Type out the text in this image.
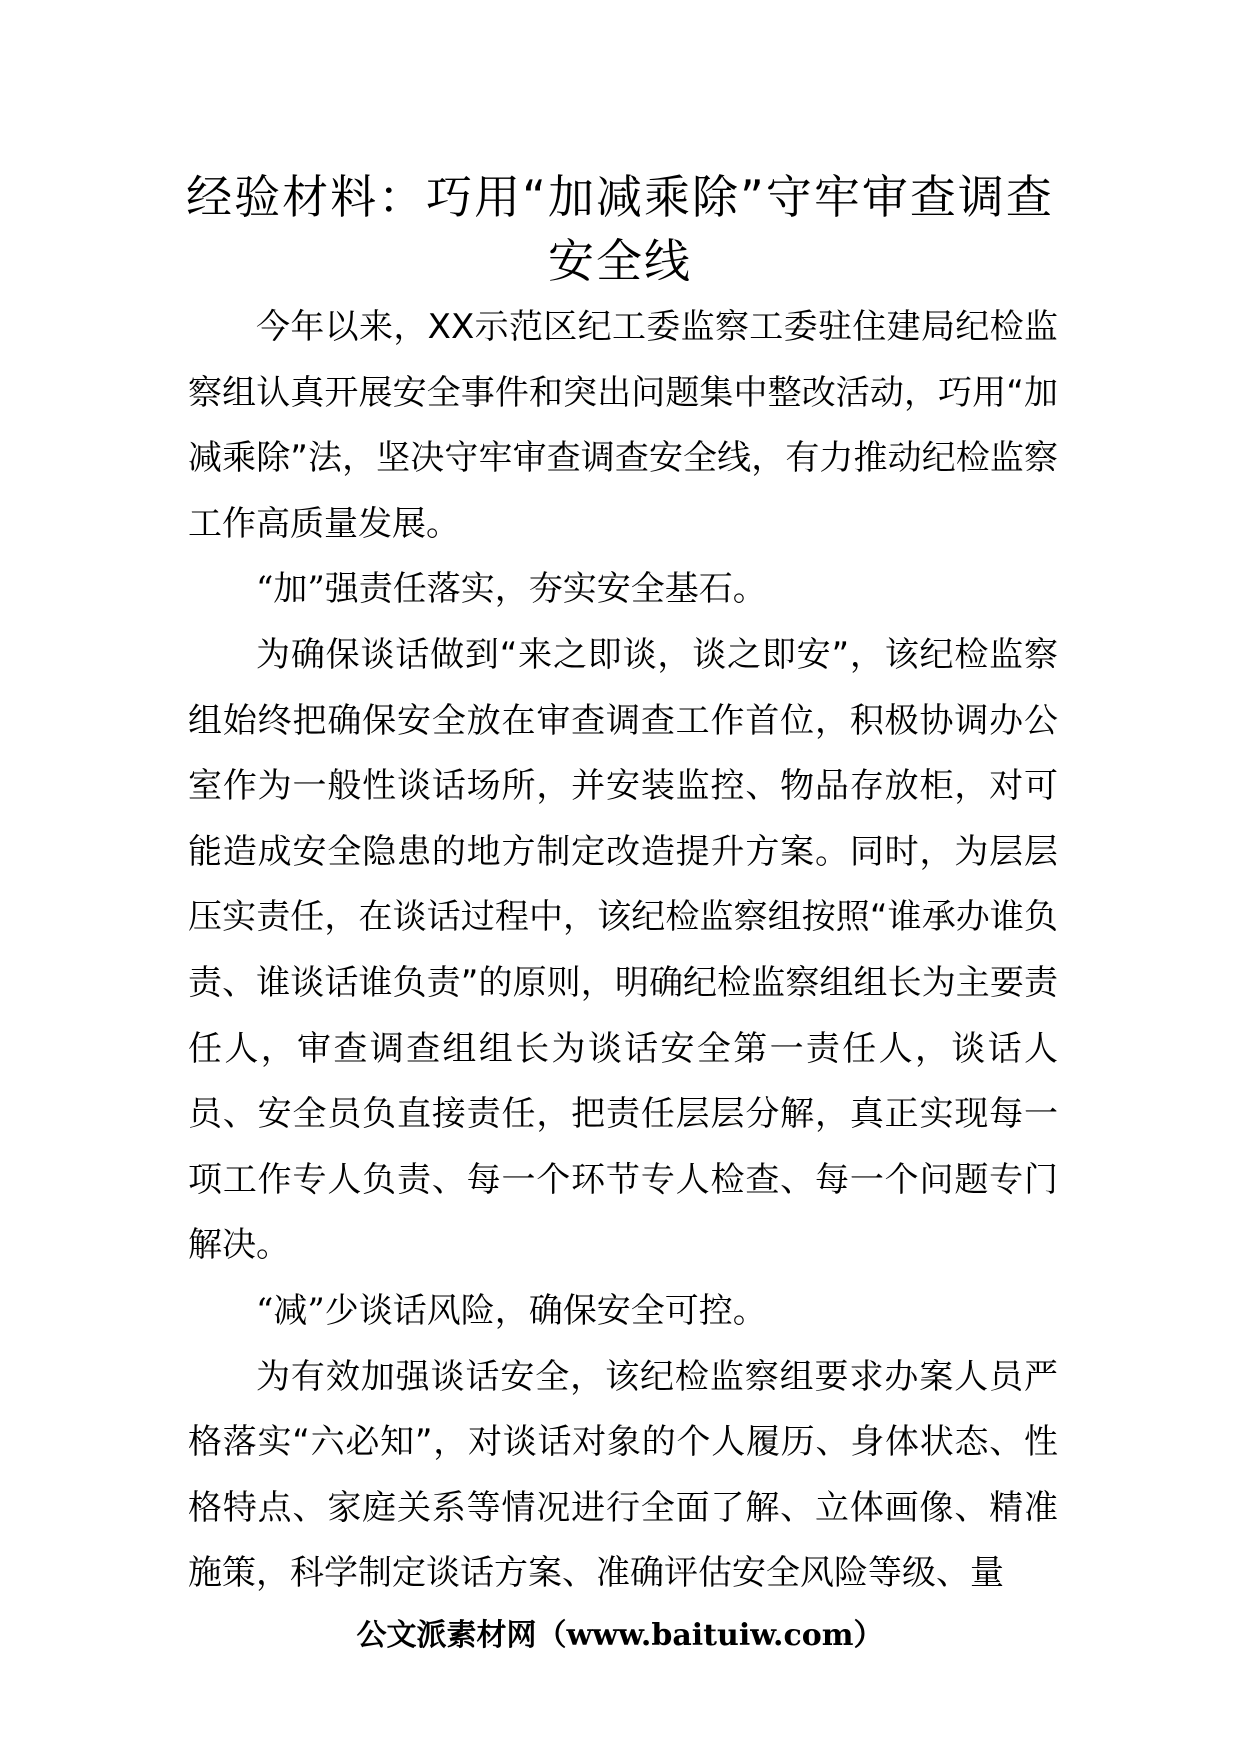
经验材料：巧用“加减乘除”守牢审查调查安全线

今年以来，XX示范区纪工委监察工委驻住建局纪检监察组认真开展安全事件和突出问题集中整改活动，巧用“加减乘除”法，坚决守牢审查调查安全线，有力推动纪检监察工作高质量发展。

“加”强责任落实，夯实安全基石。

为确保谈话做到“来之即谈，谈之即安”，该纪检监察组始终把确保安全放在审查调查工作首位，积极协调办公室作为一般性谈话场所，并安装监控、物品存放柜，对可能造成安全隐患的地方制定改造提升方案。同时，为层层压实责任，在谈话过程中，该纪检监察组按照“谁承办谁负责、谁谈话谁负责”的原则，明确纪检监察组组长为主要责任人，审查调查组组长为谈话安全第一责任人，谈话人员、安全员负直接责任，把责任层层分解，真正实现每一项工作专人负责、每一个环节专人检查、每一个问题专门解决。

“减”少谈话风险，确保安全可控。

为有效加强谈话安全，该纪检监察组要求办案人员严格落实“六必知”，对谈话对象的个人履历、身体状态、性格特点、家庭关系等情况进行全面了解、立体画像、精准施策，科学制定谈话方案、准确评估安全风险等级、量

公文派素材网（www.baituiw.com）
